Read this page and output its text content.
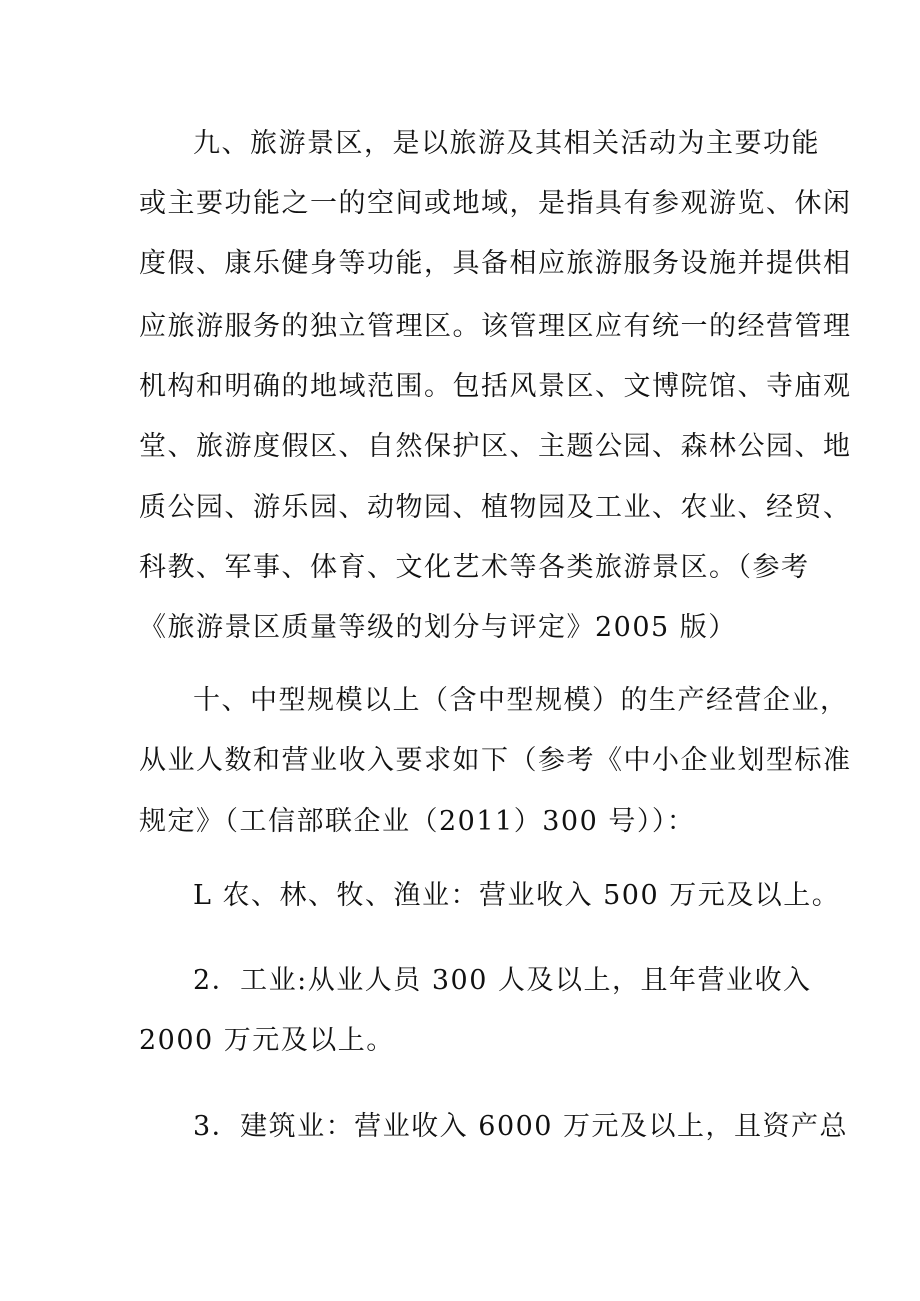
九、旅游景区，是以旅游及其相关活动为主要功能
或主要功能之一的空间或地域，是指具有参观游览、休闲
度假、康乐健身等功能，具备相应旅游服务设施并提供相
应旅游服务的独立管理区。该管理区应有统一的经营管理
机构和明确的地域范围。包括风景区、文博院馆、寺庙观
堂、旅游度假区、自然保护区、主题公园、森林公园、地
质公园、游乐园、动物园、植物园及工业、农业、经贸、
科教、军事、体育、文化艺术等各类旅游景区。（参考
《旅游景区质量等级的划分与评定》2005 版）
十、中型规模以上（含中型规模）的生产经营企业，
从业人数和营业收入要求如下（参考《中小企业划型标准
规定》（工信部联企业（2011）300 号））：
L 农、林、牧、渔业：营业收入 500 万元及以上。
2．工业:从业人员 300 人及以上，且年营业收入
2000 万元及以上。
3．建筑业：营业收入 6000 万元及以上，且资产总
